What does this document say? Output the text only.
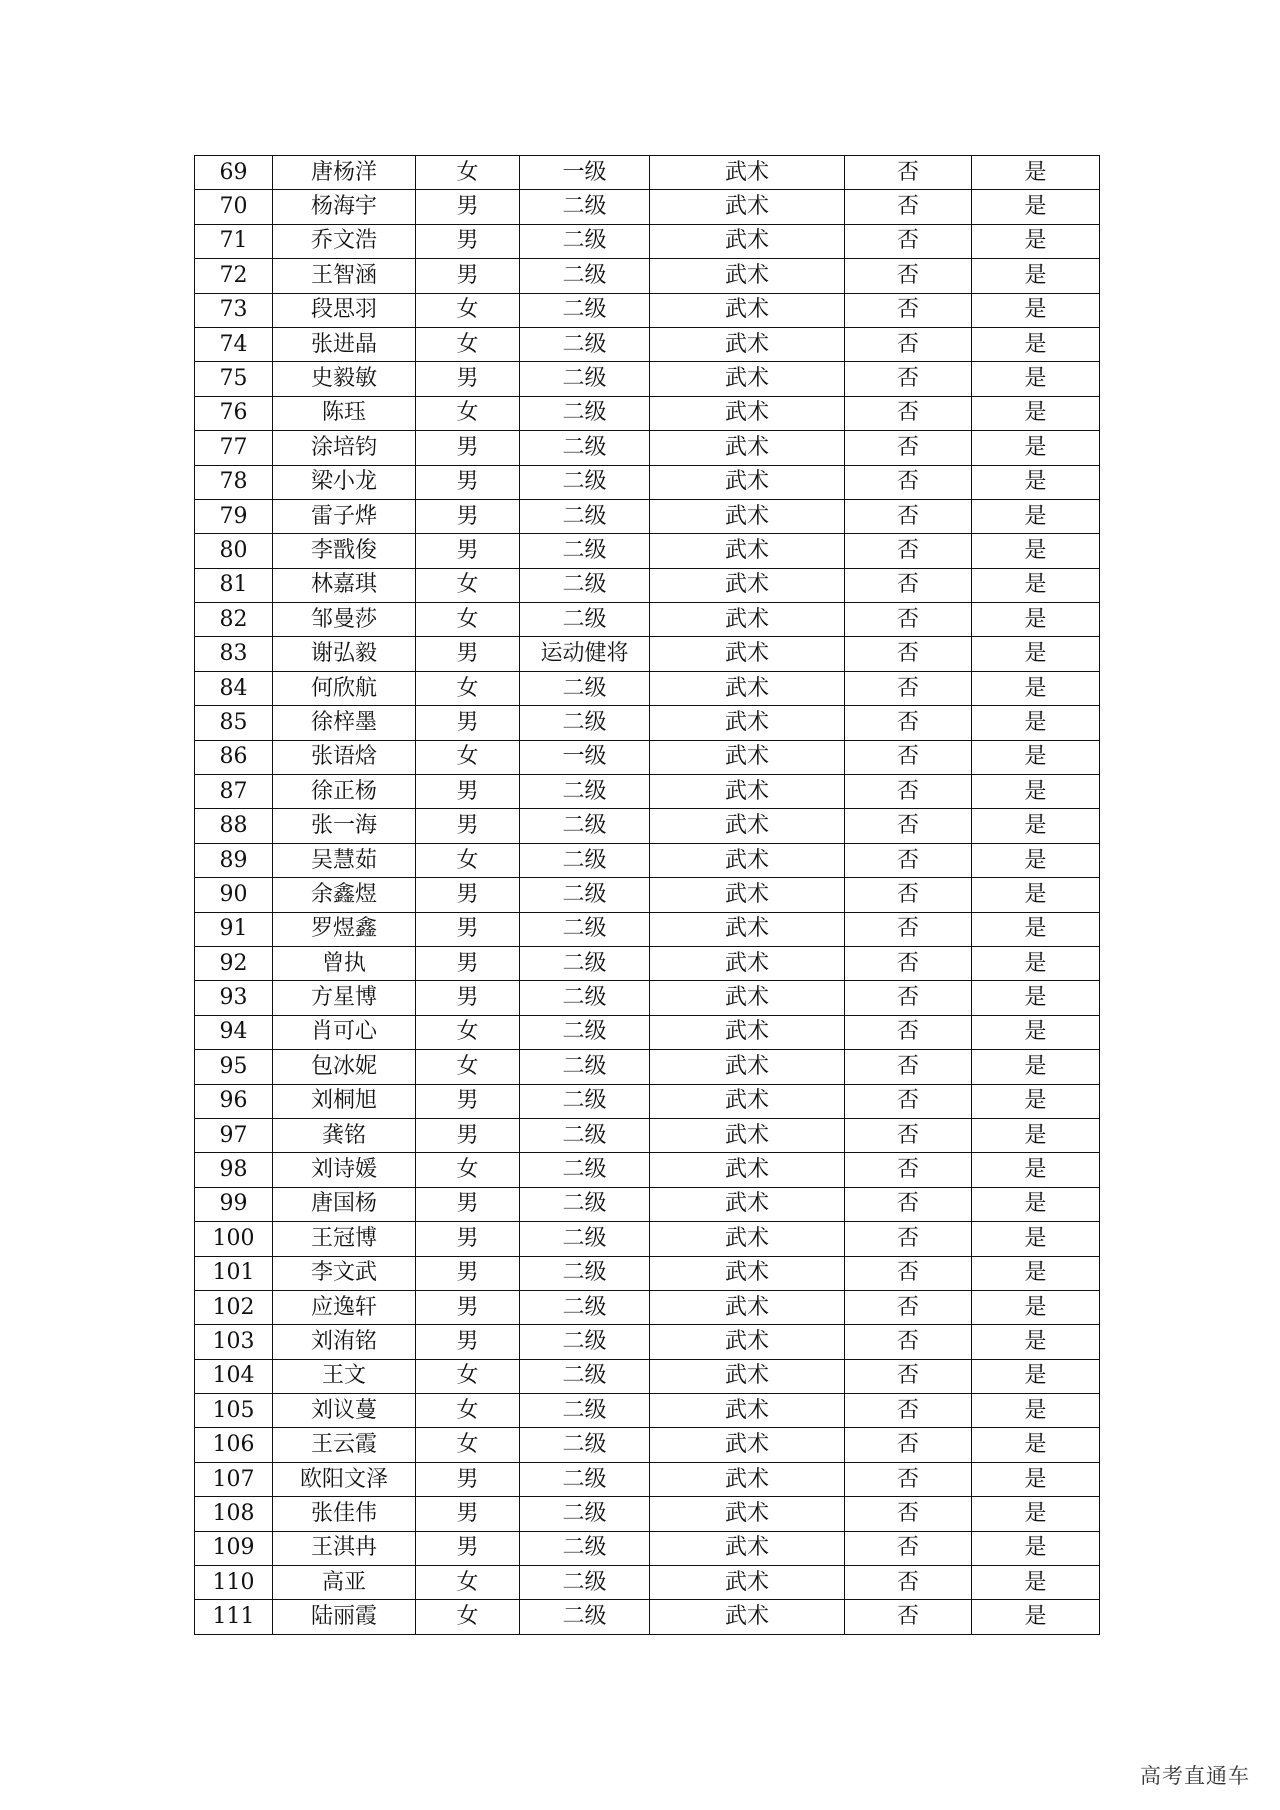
69	唐杨洋	女	一级	武术	否	是
70	杨海宇	男	二级	武术	否	是
71	乔文浩	男	二级	武术	否	是
72	王智涵	男	二级	武术	否	是
73	段思羽	女	二级	武术	否	是
74	张进晶	女	二级	武术	否	是
75	史毅敏	男	二级	武术	否	是
76	陈珏	女	二级	武术	否	是
77	涂培钧	男	二级	武术	否	是
78	梁小龙	男	二级	武术	否	是
79	雷子烨	男	二级	武术	否	是
80	李戬俊	男	二级	武术	否	是
81	林嘉琪	女	二级	武术	否	是
82	邹曼莎	女	二级	武术	否	是
83	谢弘毅	男	运动健将	武术	否	是
84	何欣航	女	二级	武术	否	是
85	徐梓墨	男	二级	武术	否	是
86	张语焓	女	一级	武术	否	是
87	徐正杨	男	二级	武术	否	是
88	张一海	男	二级	武术	否	是
89	吴慧茹	女	二级	武术	否	是
90	余鑫煜	男	二级	武术	否	是
91	罗煜鑫	男	二级	武术	否	是
92	曾执	男	二级	武术	否	是
93	方星博	男	二级	武术	否	是
94	肖可心	女	二级	武术	否	是
95	包冰妮	女	二级	武术	否	是
96	刘桐旭	男	二级	武术	否	是
97	龚铭	男	二级	武术	否	是
98	刘诗媛	女	二级	武术	否	是
99	唐国杨	男	二级	武术	否	是
100	王冠博	男	二级	武术	否	是
101	李文武	男	二级	武术	否	是
102	应逸轩	男	二级	武术	否	是
103	刘洧铭	男	二级	武术	否	是
104	王文	女	二级	武术	否	是
105	刘议蔓	女	二级	武术	否	是
106	王云霞	女	二级	武术	否	是
107	欧阳文泽	男	二级	武术	否	是
108	张佳伟	男	二级	武术	否	是
109	王淇冉	男	二级	武术	否	是
110	高亚	女	二级	武术	否	是
111	陆丽霞	女	二级	武术	否	是
高考直通车
